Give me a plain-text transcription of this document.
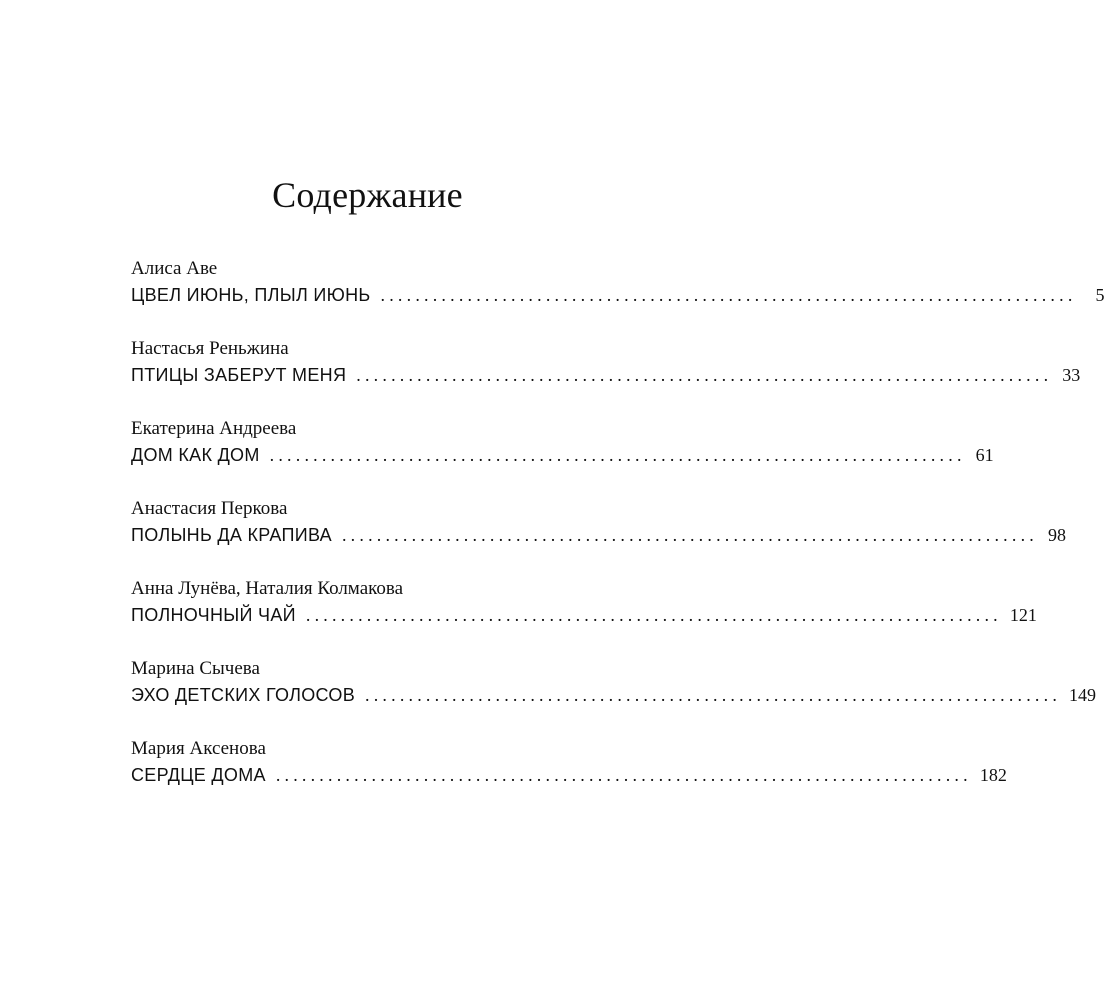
Содержание
Алиса Аве
ЦВЕЛ ИЮНЬ, ПЛЫЛ ИЮНЬ ................................................................................	5
Настасья Реньжина
ПТИЦЫ ЗАБЕРУТ МЕНЯ ................................................................................ 33
Екатерина Андреева
ДОМ КАК ДОМ ................................................................................ 61
Анастасия Перкова
ПОЛЫНЬ ДА КРАПИВА ................................................................................ 98
Анна Лунёва, Наталия Колмакова
ПОЛНОЧНЫЙ ЧАЙ ................................................................................ 121
Марина Сычева
ЭХО ДЕТСКИХ ГОЛОСОВ ................................................................................ 149
Мария Аксенова
СЕРДЦЕ ДОМА ................................................................................ 182
